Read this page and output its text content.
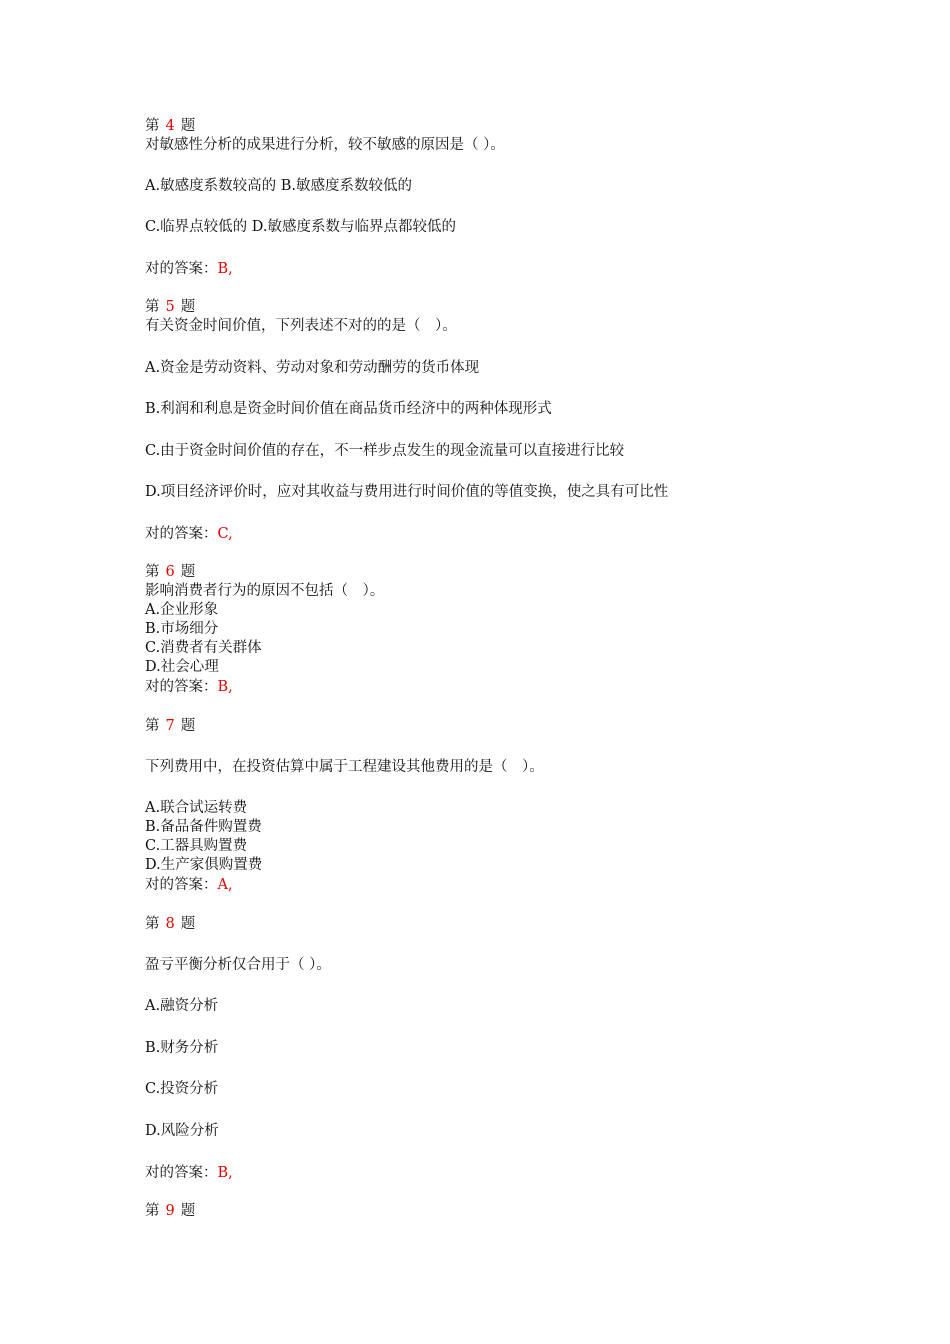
第 4 题
对敏感性分析的成果进行分析，较不敏感的原因是（ ）。
A.敏感度系数较高的 B.敏感度系数较低的
C.临界点较低的 D.敏感度系数与临界点都较低的
对的答案：B,
第 5 题
有关资金时间价值，下列表述不对的的是（　）。
A.资金是劳动资料、劳动对象和劳动酬劳的货币体现
B.利润和利息是资金时间价值在商品货币经济中的两种体现形式
C.由于资金时间价值的存在，不一样步点发生的现金流量可以直接进行比较
D.项目经济评价时，应对其收益与费用进行时间价值的等值变换，使之具有可比性
对的答案：C,
第 6 题
影响消费者行为的原因不包括（　）。
A.企业形象
B.市场细分
C.消费者有关群体
D.社会心理
对的答案：B,
第 7 题
下列费用中，在投资估算中属于工程建设其他费用的是（　）。
A.联合试运转费
B.备品备件购置费
C.工器具购置费
D.生产家俱购置费
对的答案：A,
第 8 题
盈亏平衡分析仅合用于（ ）。
A.融资分析
B.财务分析
C.投资分析
D.风险分析
对的答案：B,
第 9 题
